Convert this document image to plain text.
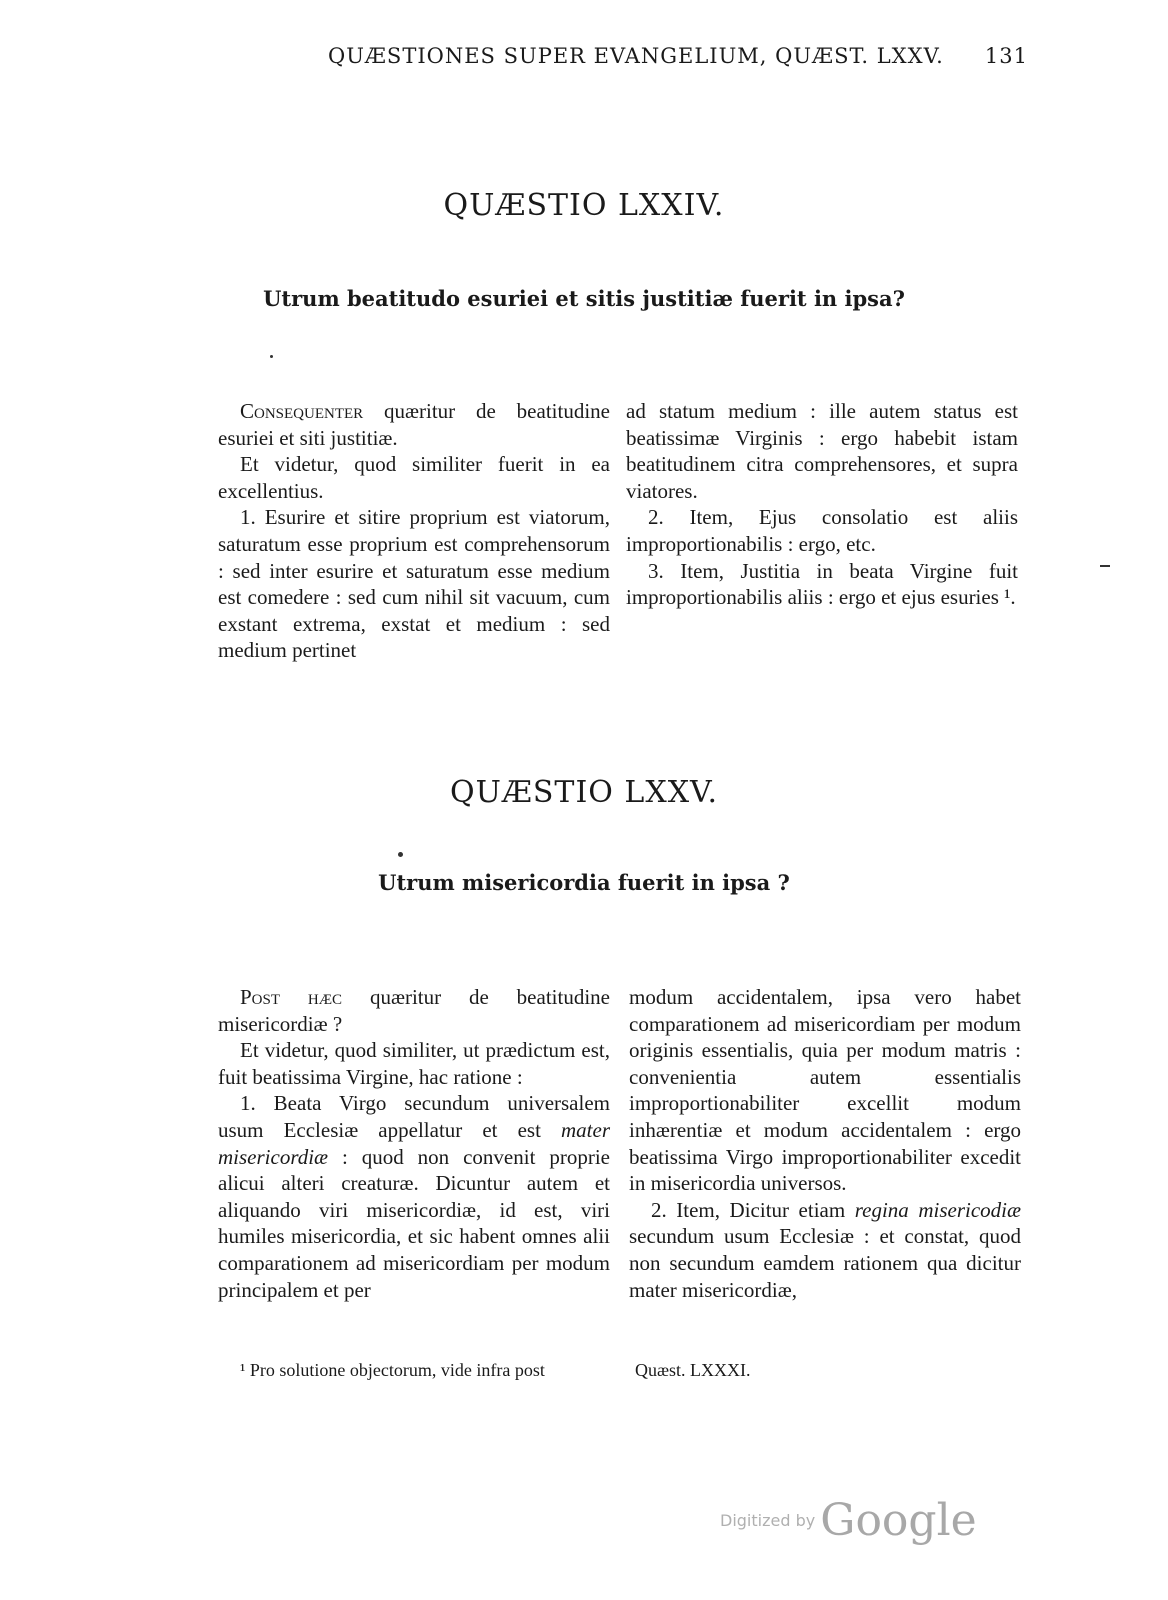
QUÆSTIONES SUPER EVANGELIUM, QUÆST. LXXV. 131
QUÆSTIO LXXIV.
Utrum beatitudo esuriei et sitis justitiæ fuerit in ipsa?

Consequenter quæritur de beatitudine esuriei et siti justitiæ.

Et videtur, quod similiter fuerit in ea excellentius.

1. Esurire et sitire proprium est viatorum, saturatum esse proprium est comprehensorum : sed inter esurire et saturatum esse medium est comedere : sed cum nihil sit vacuum, cum exstant extrema, exstat et medium : sed medium pertinet

ad statum medium : ille autem status est beatissimæ Virginis : ergo habebit istam beatitudinem citra comprehensores, et supra viatores.

2. Item, Ejus consolatio est aliis improportionabilis : ergo, etc.

3. Item, Justitia in beata Virgine fuit improportionabilis aliis : ergo et ejus esuries ¹.

QUÆSTIO LXXV.
Utrum misericordia fuerit in ipsa ?

Post hæc quæritur de beatitudine misericordiæ ?

Et videtur, quod similiter, ut prædictum est, fuit beatissima Virgine, hac ratione :

1. Beata Virgo secundum universalem usum Ecclesiæ appellatur et est mater misericordiæ : quod non convenit proprie alicui alteri creaturæ. Dicuntur autem et aliquando viri misericordiæ, id est, viri humiles misericordia, et sic habent omnes alii comparationem ad misericordiam per modum principalem et per

modum accidentalem, ipsa vero habet comparationem ad misericordiam per modum originis essentialis, quia per modum matris : convenientia autem essentialis improportionabiliter excellit modum inhærentiæ et modum accidentalem : ergo beatissima Virgo improportionabiliter excedit in misericordia universos.

2. Item, Dicitur etiam regina misericodiæ secundum usum Ecclesiæ : et constat, quod non secundum eamdem rationem qua dicitur mater misericordiæ,

¹ Pro solutione objectorum, vide infra post	Quæst. LXXXI.
Digitized by Google
